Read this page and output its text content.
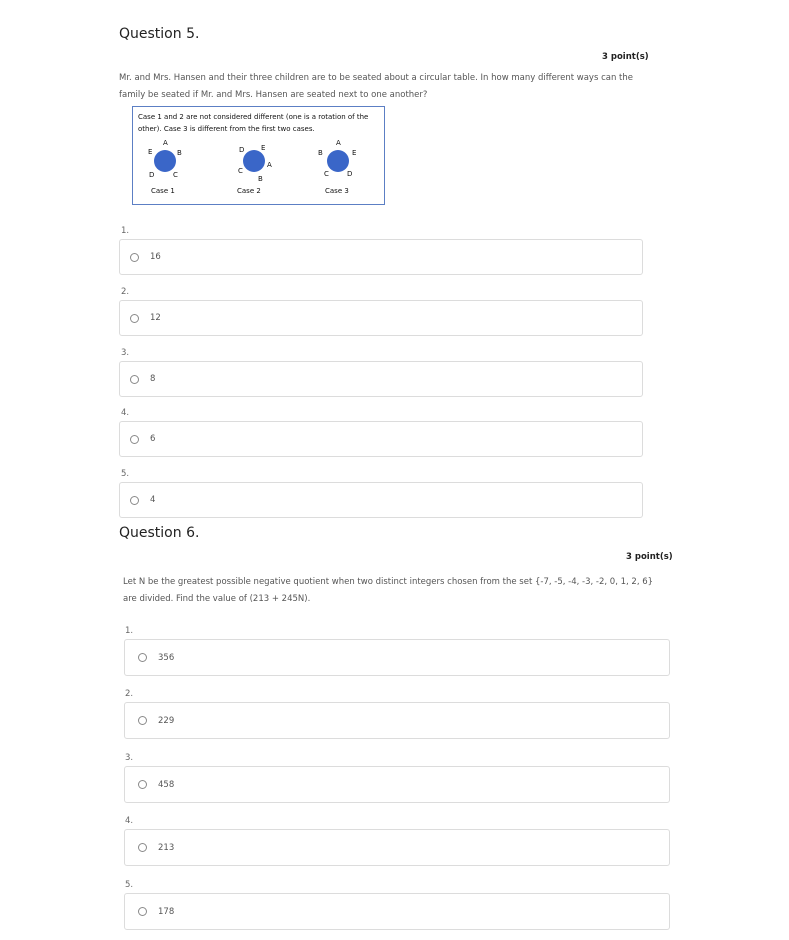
Question 5.
3 point(s)

Mr. and Mrs. Hansen and their three children are to be seated about a circular table. In how many different ways can the family be seated if Mr. and Mrs. Hansen are seated next to one another?

Case 1 and 2 are not considered different (one is a rotation of the other). Case 3 is different from the first two cases.
A
B
C
D
E
Case 1
D E
A
B
C
Case 2
A
B	E
C	D
Case 3
1.
16
2.
12
3.
8
4.
6
5.
4
Question 6.
3 point(s)

Let N be the greatest possible negative quotient when two distinct integers chosen from the set {-7, -5, -4, -3, -2, 0, 1, 2, 6} are divided. Find the value of (213 + 245N).

1.
356
2.
229
3.
458
4.
213
5.
178
